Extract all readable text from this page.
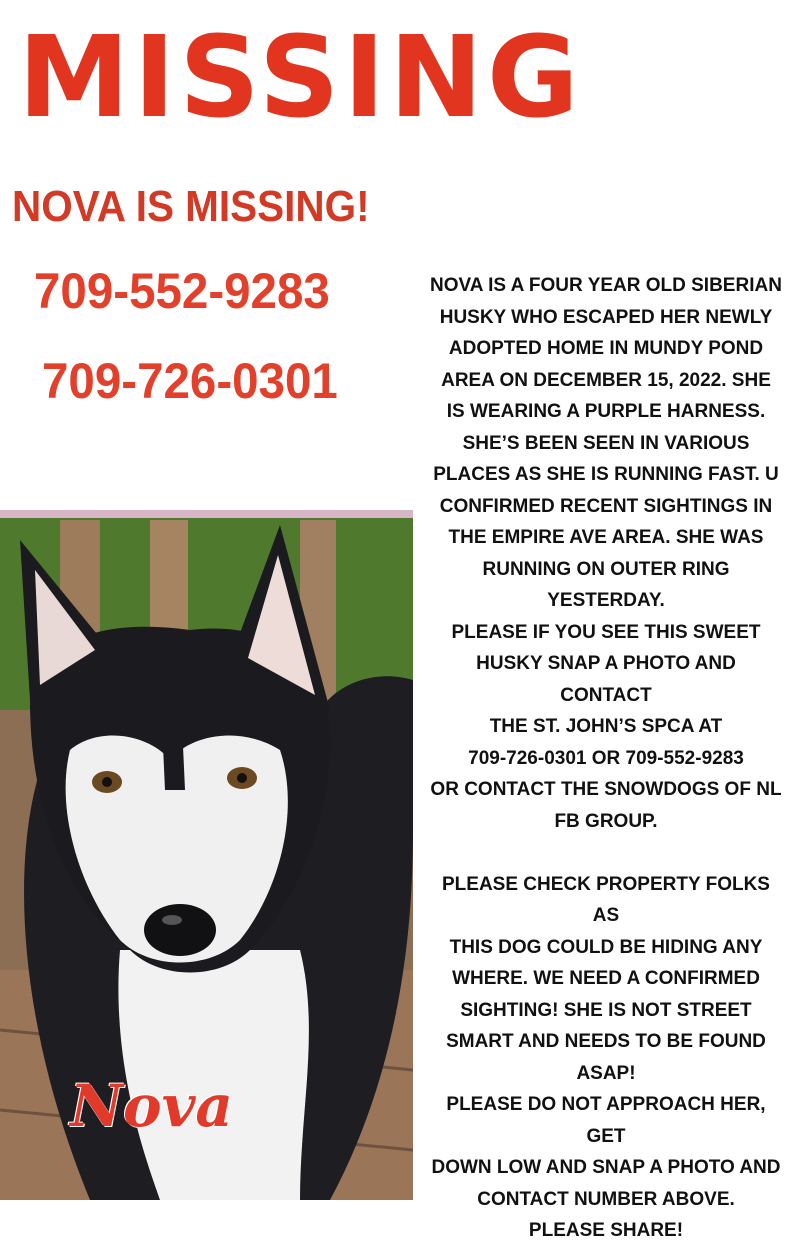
MISSING
NOVA IS MISSING!
709-552-9283
709-726-0301

NOVA IS A FOUR YEAR OLD SIBERIAN

HUSKY WHO ESCAPED HER NEWLY

ADOPTED HOME IN MUNDY POND

AREA ON DECEMBER 15, 2022. SHE

IS WEARING A PURPLE HARNESS.

SHE’S BEEN SEEN IN VARIOUS

PLACES AS SHE IS RUNNING FAST. U

CONFIRMED RECENT SIGHTINGS IN

THE EMPIRE AVE AREA. SHE WAS

RUNNING ON OUTER RING

YESTERDAY.

PLEASE IF YOU SEE THIS SWEET

HUSKY SNAP A PHOTO AND CONTACT

THE ST. JOHN’S SPCA AT

709-726-0301 OR 709-552-9283

OR CONTACT THE SNOWDOGS OF NL

FB GROUP.

PLEASE CHECK PROPERTY FOLKS AS

THIS DOG COULD BE HIDING ANY

WHERE. WE NEED A CONFIRMED

SIGHTING! SHE IS NOT STREET

SMART AND NEEDS TO BE FOUND

ASAP!

PLEASE DO NOT APPROACH HER, GET

DOWN LOW AND SNAP A PHOTO AND

CONTACT NUMBER ABOVE.

PLEASE SHARE!

Nova
